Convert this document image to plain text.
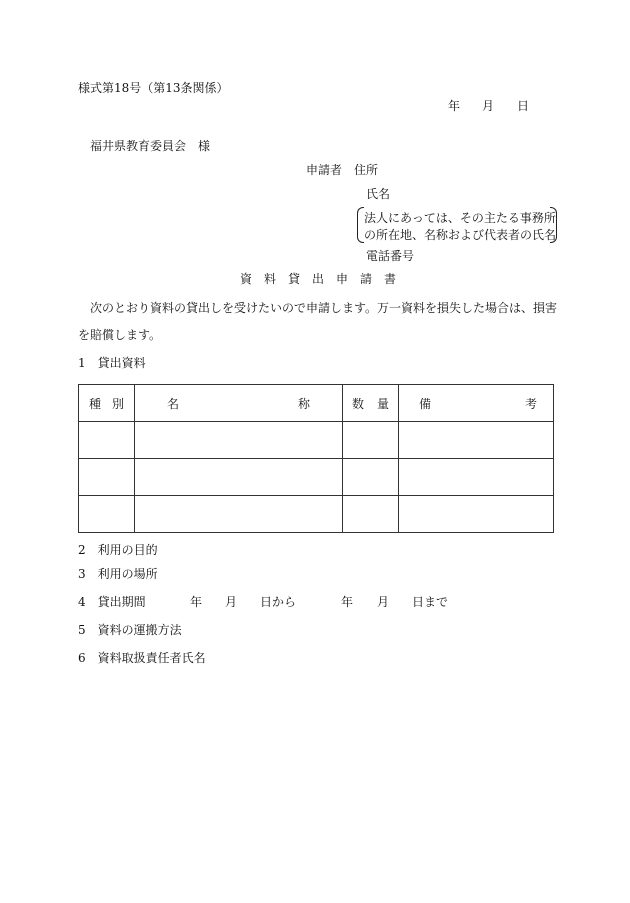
様式第18号（第13条関係）
年 月 日
福井県教育委員会　様
申請者 住所
氏名
法人にあっては、その主たる事務所
の所在地、名称および代表者の氏名
電話番号
資　料　貸　出　申　請　書
次のとおり資料の貸出しを受けたいので申請します。万一資料を損失した場合は、損害
を賠償します。
1　貸出資料
種 別	名 称	数 量	備 考

2　利用の目的
3　利用の場所
4　貸出期間	年 月 日から	年 月 日まで
5　資料の運搬方法
6　資料取扱責任者氏名
